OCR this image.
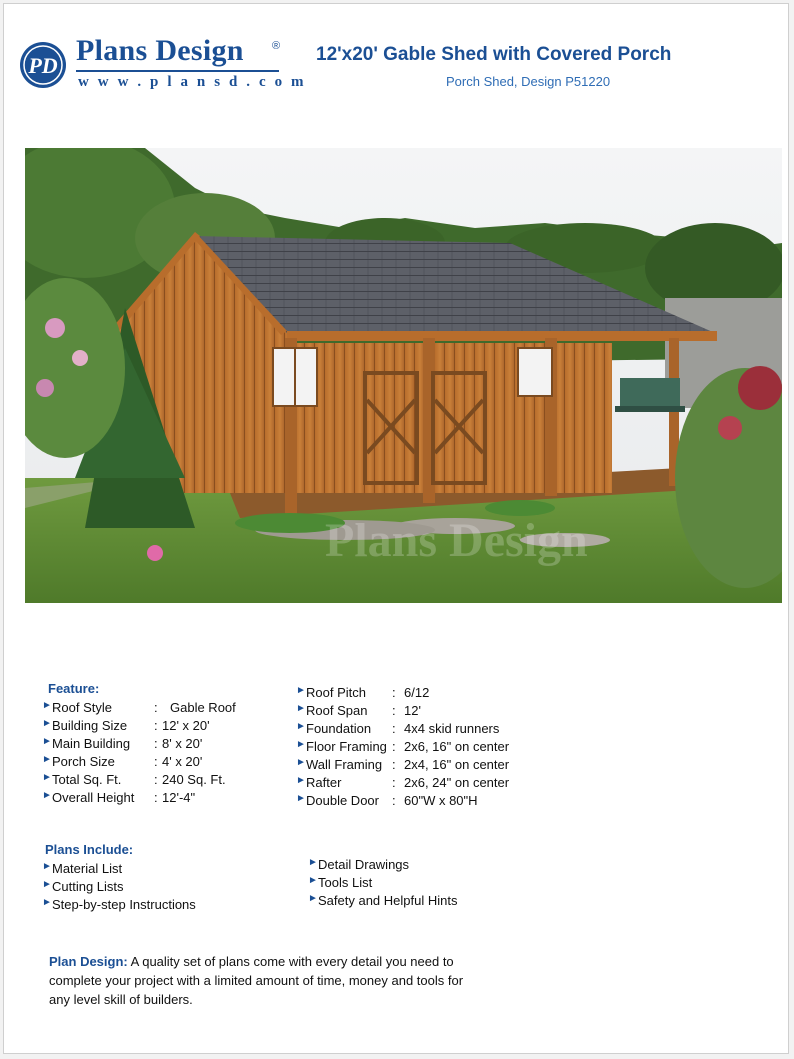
PD Plans Design	®
w w w . p l a n s d . c o m
12'x20' Gable Shed with Covered Porch
Porch Shed, Design P51220
Plans Design
Feature:
► Roof Style	: Gable Roof
► Building Size : 12' x 20'
► Main Building : 8' x 20'
► Porch Size	: 4' x 20'
► Total Sq. Ft.	: 240 Sq. Ft.
► Overall Height : 12'-4"
► Roof Pitch : 6/12
► Roof Span : 12'
► Foundation : 4x4 skid runners
► Floor Framing : 2x6, 16" on center
► Wall Framing : 2x4, 16" on center
► Rafter	: 2x6, 24" on center
► Double Door : 60"W x 80"H
Plans Include:
► Material List
► Cutting Lists
► Step-by-step Instructions
► Detail Drawings
► Tools List
► Safety and Helpful Hints
Plan Design: A quality set of plans come with every detail you need to complete your project with a limited amount of time, money and tools for any level skill of builders.
